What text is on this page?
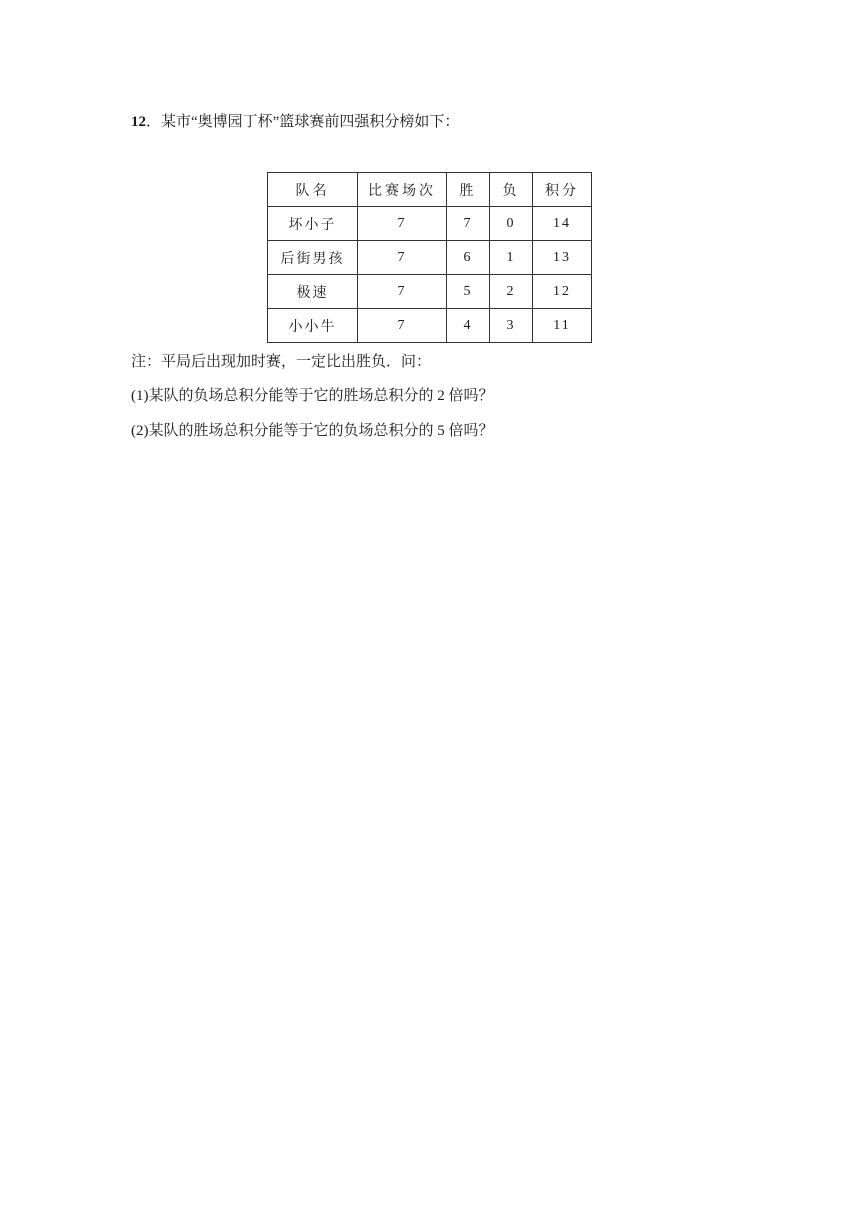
12．某市“奥博园丁杯”篮球赛前四强积分榜如下：
队名	比赛场次	胜	负	积分
坏小子	7	7	0	14
后街男孩	7	6	1	13
极速	7	5	2	12
小小牛	7	4	3	11
注：平局后出现加时赛，一定比出胜负．问：
(1)某队的负场总积分能等于它的胜场总积分的 2 倍吗？
(2)某队的胜场总积分能等于它的负场总积分的 5 倍吗？
